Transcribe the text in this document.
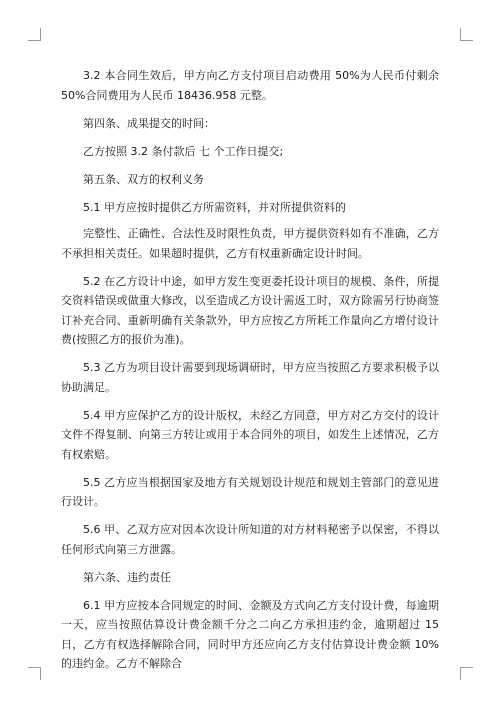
3.2 本合同生效后，甲方向乙方支付项目启动费用 50%为人民币付剩余 50%合同费用为人民币 18436.958 元整。

第四条、成果提交的时间：

乙方按照 3.2 条付款后 七 个工作日提交;

第五条、双方的权利义务

5.1 甲方应按时提供乙方所需资料，并对所提供资料的

完整性、正确性、合法性及时限性负责，甲方提供资料如有不准确，乙方不承担相关责任。如果超时提供，乙方有权重新确定设计时间。

5.2 在乙方设计中途，如甲方发生变更委托设计项目的规模、条件，所提交资料错误或做重大修改，以至造成乙方设计需返工时，双方除需另行协商签订补充合同、重新明确有关条款外，甲方应按乙方所耗工作量向乙方增付设计费(按照乙方的报价为准)。

5.3 乙方为项目设计需要到现场调研时，甲方应当按照乙方要求积极予以协助满足。

5.4 甲方应保护乙方的设计版权，未经乙方同意，甲方对乙方交付的设计文件不得复制、向第三方转让或用于本合同外的项目，如发生上述情况，乙方有权索赔。

5.5 乙方应当根据国家及地方有关规划设计规范和规划主管部门的意见进行设计。

5.6 甲、乙双方应对因本次设计所知道的对方材料秘密予以保密，不得以任何形式向第三方泄露。

第六条、违约责任

6.1 甲方应按本合同规定的时间、金额及方式向乙方支付设计费，每逾期一天，应当按照估算设计费金额千分之二向乙方承担违约金，逾期超过 15 日，乙方有权选择解除合同，同时甲方还应向乙方支付估算设计费金额 10%的违约金。乙方不解除合
